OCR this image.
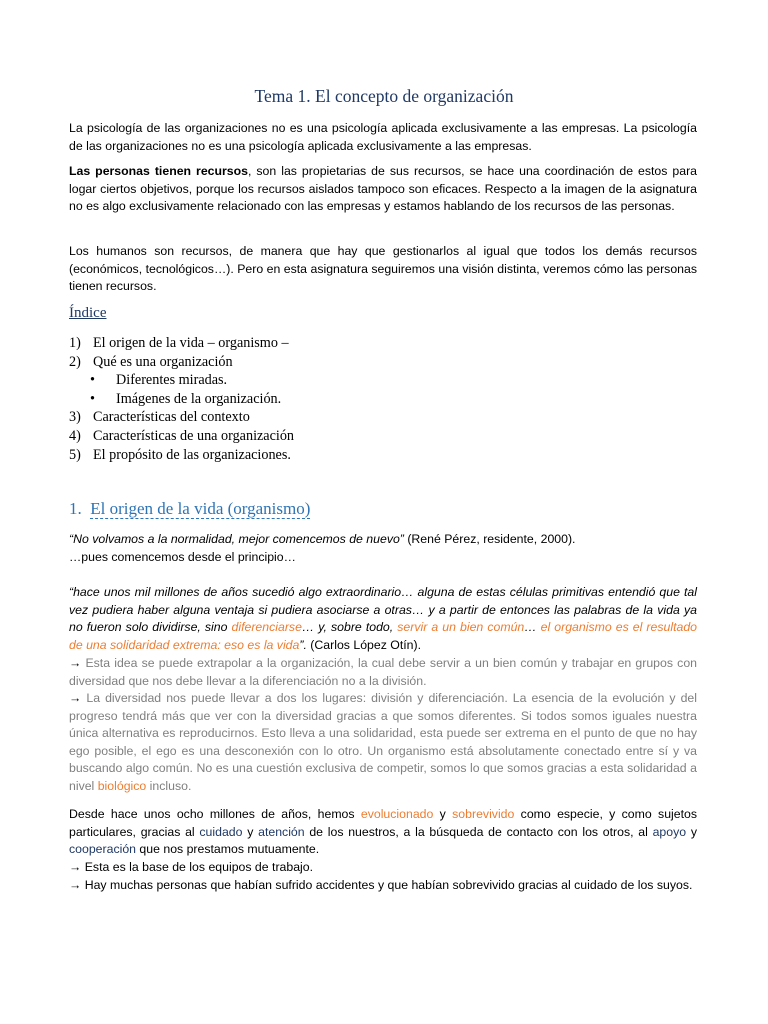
Tema 1. El concepto de organización
La psicología de las organizaciones no es una psicología aplicada exclusivamente a las empresas. La psicología de las organizaciones no es una psicología aplicada exclusivamente a las empresas.
Las personas tienen recursos, son las propietarias de sus recursos, se hace una coordinación de estos para logar ciertos objetivos, porque los recursos aislados tampoco son eficaces. Respecto a la imagen de la asignatura no es algo exclusivamente relacionado con las empresas y estamos hablando de los recursos de las personas.
Los humanos son recursos, de manera que hay que gestionarlos al igual que todos los demás recursos (económicos, tecnológicos…). Pero en esta asignatura seguiremos una visión distinta, veremos cómo las personas tienen recursos.
Índice
1) El origen de la vida – organismo –
2) Qué es una organización
• Diferentes miradas.
• Imágenes de la organización.
3) Características del contexto
4) Características de una organización
5) El propósito de las organizaciones.
1. El origen de la vida (organismo)
“No volvamos a la normalidad, mejor comencemos de nuevo” (René Pérez, residente, 2000).
…pues comencemos desde el principio…
“hace unos mil millones de años sucedió algo extraordinario… alguna de estas células primitivas entendió que tal vez pudiera haber alguna ventaja si pudiera asociarse a otras… y a partir de entonces las palabras de la vida ya no fueron solo dividirse, sino diferenciarse… y, sobre todo, servir a un bien común… el organismo es el resultado de una solidaridad extrema: eso es la vida”. (Carlos López Otín).
→ Esta idea se puede extrapolar a la organización, la cual debe servir a un bien común y trabajar en grupos con diversidad que nos debe llevar a la diferenciación no a la división.
→ La diversidad nos puede llevar a dos los lugares: división y diferenciación. La esencia de la evolución y del progreso tendrá más que ver con la diversidad gracias a que somos diferentes. Si todos somos iguales nuestra única alternativa es reproducirnos. Esto lleva a una solidaridad, esta puede ser extrema en el punto de que no hay ego posible, el ego es una desconexión con lo otro. Un organismo está absolutamente conectado entre sí y va buscando algo común. No es una cuestión exclusiva de competir, somos lo que somos gracias a esta solidaridad a nivel biológico incluso.
Desde hace unos ocho millones de años, hemos evolucionado y sobrevivido como especie, y como sujetos particulares, gracias al cuidado y atención de los nuestros, a la búsqueda de contacto con los otros, al apoyo y cooperación que nos prestamos mutuamente.
→ Esta es la base de los equipos de trabajo.
→ Hay muchas personas que habían sufrido accidentes y que habían sobrevivido gracias al cuidado de los suyos.
